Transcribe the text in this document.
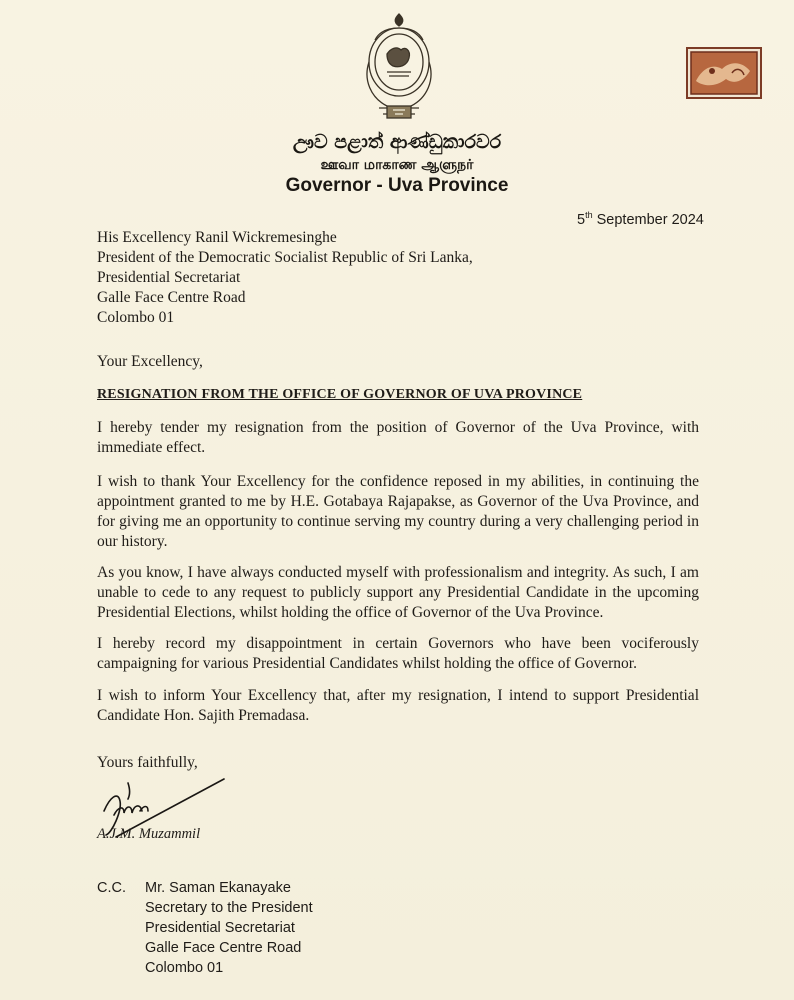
ඌව පළාත් ආණ්ඩුකාරවර
ஊவா மாகாண ஆளுநர்
Governor - Uva Province
5th September 2024
His Excellency Ranil Wickremesinghe
President of the Democratic Socialist Republic of Sri Lanka,
Presidential Secretariat
Galle Face Centre Road
Colombo 01
Your Excellency,
RESIGNATION FROM THE OFFICE OF GOVERNOR OF UVA PROVINCE
I hereby tender my resignation from the position of Governor of the Uva Province, with immediate effect.
I wish to thank Your Excellency for the confidence reposed in my abilities, in continuing the appointment granted to me by H.E. Gotabaya Rajapakse, as Governor of the Uva Province, and for giving me an opportunity to continue serving my country during a very challenging period in our history.
As you know, I have always conducted myself with professionalism and integrity. As such, I am unable to cede to any request to publicly support any Presidential Candidate in the upcoming Presidential Elections, whilst holding the office of Governor of the Uva Province.
I hereby record my disappointment in certain Governors who have been vociferously campaigning for various Presidential Candidates whilst holding the office of Governor.
I wish to inform Your Excellency that, after my resignation, I intend to support Presidential Candidate Hon. Sajith Premadasa.
Yours faithfully,
A.J.M. Muzammil
C.C. Mr. Saman Ekanayake
Secretary to the President
Presidential Secretariat
Galle Face Centre Road
Colombo 01
